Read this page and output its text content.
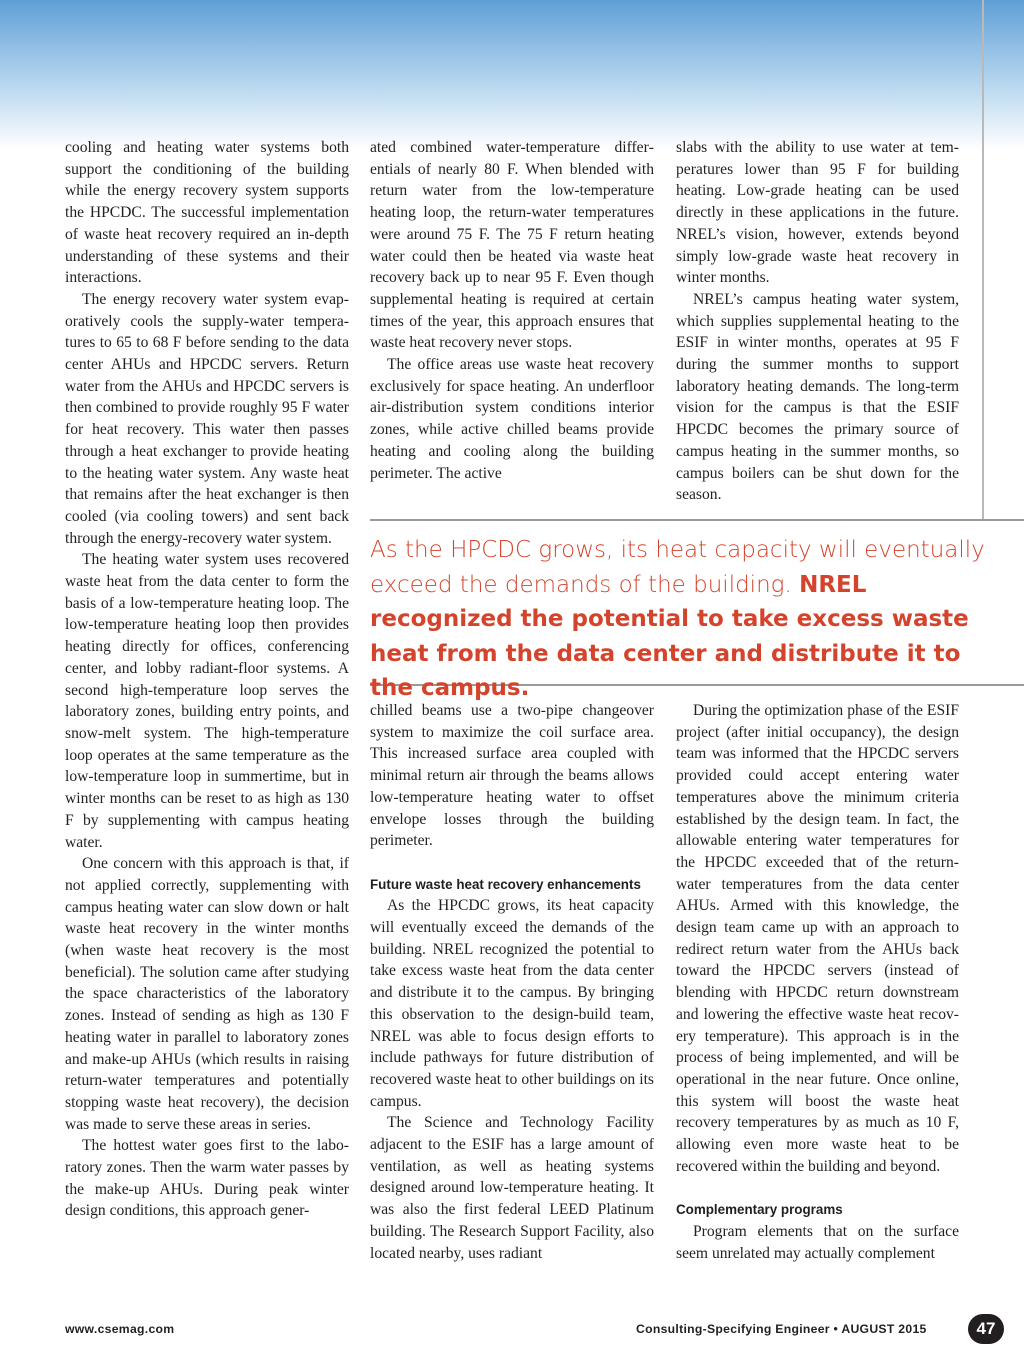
cooling and heating water systems both support the conditioning of the building while the energy recovery system supports the HPCDC. The successful implementation of waste heat recovery required an in-depth understanding of these systems and their interactions.

The energy recovery water system evaporatively cools the supply-water temperatures to 65 to 68 F before sending to the data center AHUs and HPCDC servers. Return water from the AHUs and HPCDC servers is then combined to provide roughly 95 F water for heat recovery. This water then passes through a heat exchanger to provide heating to the heating water system. Any waste heat that remains after the heat exchanger is then cooled (via cooling towers) and sent back through the energy-recovery water system.

The heating water system uses recovered waste heat from the data center to form the basis of a low-temperature heating loop. The low-temperature heating loop then provides heating directly for offices, conferencing center, and lobby radiant-floor systems. A second high-temperature loop serves the laboratory zones, building entry points, and snow-melt system. The high-temperature loop operates at the same temperature as the low-temperature loop in summertime, but in winter months can be reset to as high as 130 F by supplementing with campus heating water.

One concern with this approach is that, if not applied correctly, supplementing with campus heating water can slow down or halt waste heat recovery in the winter months (when waste heat recovery is the most beneficial). The solution came after studying the space characteristics of the laboratory zones. Instead of sending as high as 130 F heating water in parallel to laboratory zones and make-up AHUs (which results in raising return-water temperatures and potentially stopping waste heat recovery), the decision was made to serve these areas in series.

The hottest water goes first to the laboratory zones. Then the warm water passes by the make-up AHUs. During peak winter design conditions, this approach gener-

ated combined water-temperature differentials of nearly 80 F. When blended with return water from the low-temperature heating loop, the return-water temperatures were around 75 F. The 75 F return heating water could then be heated via waste heat recovery back up to near 95 F. Even though supplemental heating is required at certain times of the year, this approach ensures that waste heat recovery never stops.

The office areas use waste heat recovery exclusively for space heating. An underfloor air-distribution system conditions interior zones, while active chilled beams provide heating and cooling along the building perimeter. The active

slabs with the ability to use water at temperatures lower than 95 F for building heating. Low-grade heating can be used directly in these applications in the future. NREL’s vision, however, extends beyond simply low-grade waste heat recovery in winter months.

NREL’s campus heating water system, which supplies supplemental heating to the ESIF in winter months, operates at 95 F during the summer months to support laboratory heating demands. The long-term vision for the campus is that the ESIF HPCDC becomes the primary source of campus heating in the summer months, so campus boilers can be shut down for the season.

As the HPCDC grows, its heat capacity will eventually exceed the demands of the building. NREL recognized the potential to take excess waste heat from the data center and distribute it to the campus.

chilled beams use a two-pipe changeover system to maximize the coil surface area. This increased surface area coupled with minimal return air through the beams allows low-temperature heating water to offset envelope losses through the building perimeter.

Future waste heat recovery enhancements

As the HPCDC grows, its heat capacity will eventually exceed the demands of the building. NREL recognized the potential to take excess waste heat from the data center and distribute it to the campus. By bringing this observation to the design-build team, NREL was able to focus design efforts to include pathways for future distribution of recovered waste heat to other buildings on its campus.

The Science and Technology Facility adjacent to the ESIF has a large amount of ventilation, as well as heating systems designed around low-temperature heating. It was also the first federal LEED Platinum building. The Research Support Facility, also located nearby, uses radiant

During the optimization phase of the ESIF project (after initial occupancy), the design team was informed that the HPCDC servers provided could accept entering water temperatures above the minimum criteria established by the design team. In fact, the allowable entering water temperatures for the HPCDC exceeded that of the return-water temperatures from the data center AHUs. Armed with this knowledge, the design team came up with an approach to redirect return water from the AHUs back toward the HPCDC servers (instead of blending with HPCDC return downstream and lowering the effective waste heat recovery temperature). This approach is in the process of being implemented, and will be operational in the near future. Once online, this system will boost the waste heat recovery temperatures by as much as 10 F, allowing even more waste heat to be recovered within the building and beyond.

Complementary programs

Program elements that on the surface seem unrelated may actually complement

www.csemag.com	Consulting-Specifying Engineer • AUGUST 2015	47
